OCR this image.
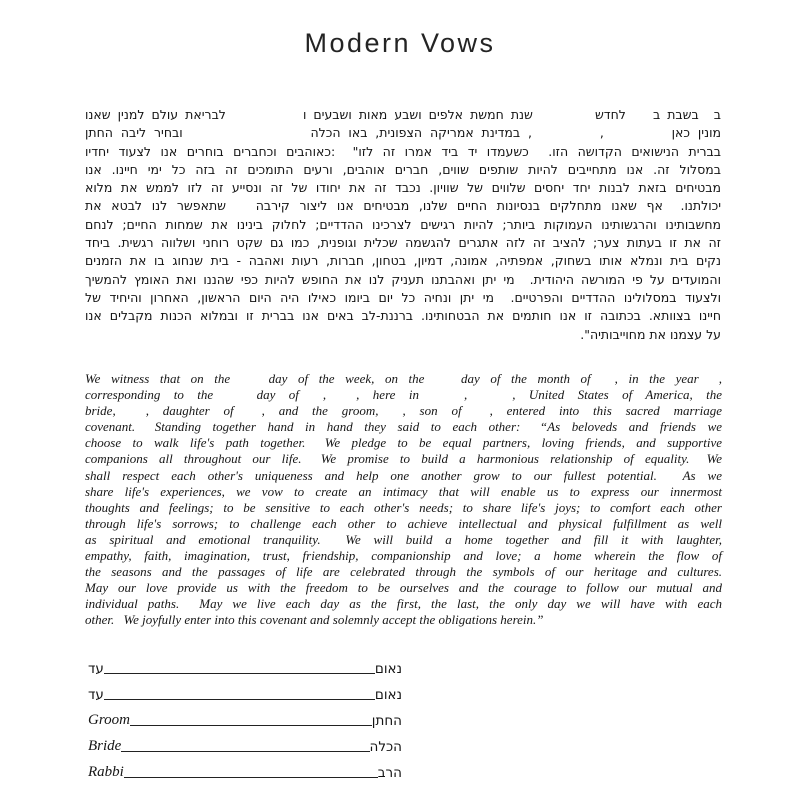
Modern Vows
ב בשבת ב לחדש שנת חמשת אלפים ושבע מאות ושבעים ו לבריאת עולם למנין שאנו
מונין כאן , , במדינת אמריקה הצפונית, באו הכלה ובחיר ליבה החתן
בברית הנישואים הקדושה הזו. כשעמדו יד ביד אמרו זה לזו" :כאוהבים וכחברים בוחרים אנו לצעוד יחדיו
במסלול זה. אנו מתחייבים להיות שותפים שווים, חברים אוהבים, ורעים התומכים זה בזה כל ימי חיינו. אנו
מבטיחים בזאת לבנות יחד יחסים שלווים של שוויון. נכבד זה את יחודו של זה ונסייע זה לזו לממש את מלוא
יכולתנו. אף שאנו מתחלקים בנסיונות החיים שלנו, מבטיחים אנו ליצור קירבה שתאפשר לנו לבטא את
מחשבותינו והרגשותינו העמוקות ביותר; להיות רגישים לצרכינו ההדדיים; לחלוק בינינו את שמחות החיים; לנחם
זה את זו בעתות צער; להציב זה לזה אתגרים להגשמה שכלית וגופנית, כמו גם שקט רוחני ושלווה רגשית. ביחד
נקים בית ונמלא אותו בשחוק, אמפתיה, אמונה, דמיון, בטחון, חברות, רעות ואהבה - בית שנחוג בו את הזמנים
והמועדים על פי המורשה היהודית. מי יתן ואהבתנו תעניק לנו את החופש להיות כפי שהננו ואת האומץ להמשיך
ולצעוד במסלולינו ההדדיים והפרטיים. מי יתן ונחיה כל יום ביומו כאילו היה היום הראשון, האחרון והיחיד של
חיינו בצוותא. בכתובה זו אנו חותמים את הבטחותינו. ברננת-לב באים אנו בברית זו ובמלוא הכנות מקבלים אנו
על עצמנו את מחוייבותיה".
We witness that on the day of the week, on the day of the month of , in the year ,
corresponding to the day of , , here in	,	, United States of America, the
bride, , daughter of , and the groom, , son of , entered into this sacred marriage
covenant. Standing together hand in hand they said to each other: “As beloveds and friends we
choose to walk life's path together. We pledge to be equal partners, loving friends, and supportive
companions all throughout our life. We promise to build a harmonious relationship of equality. We
shall respect each other's uniqueness and help one another grow to our fullest potential. As we
share life's experiences, we vow to create an intimacy that will enable us to express our innermost
thoughts and feelings; to be sensitive to each other's needs; to share life's joys; to comfort each other
through life's sorrows; to challenge each other to achieve intellectual and physical fulfillment as well
as spiritual and emotional tranquility. We will build a home together and fill it with laughter,
empathy, faith, imagination, trust, friendship, companionship and love; a home wherein the flow of
the seasons and the passages of life are celebrated through the symbols of our heritage and cultures.
May our love provide us with the freedom to be ourselves and the courage to follow our mutual and
individual paths. May we live each day as the first, the last, the only day we will have with each
other. We joyfully enter into this covenant and solemnly accept the obligations herein.”
עד	נאום
עד	נאום
Groom	החתן
Bride	הכלה
Rabbi	הרב
